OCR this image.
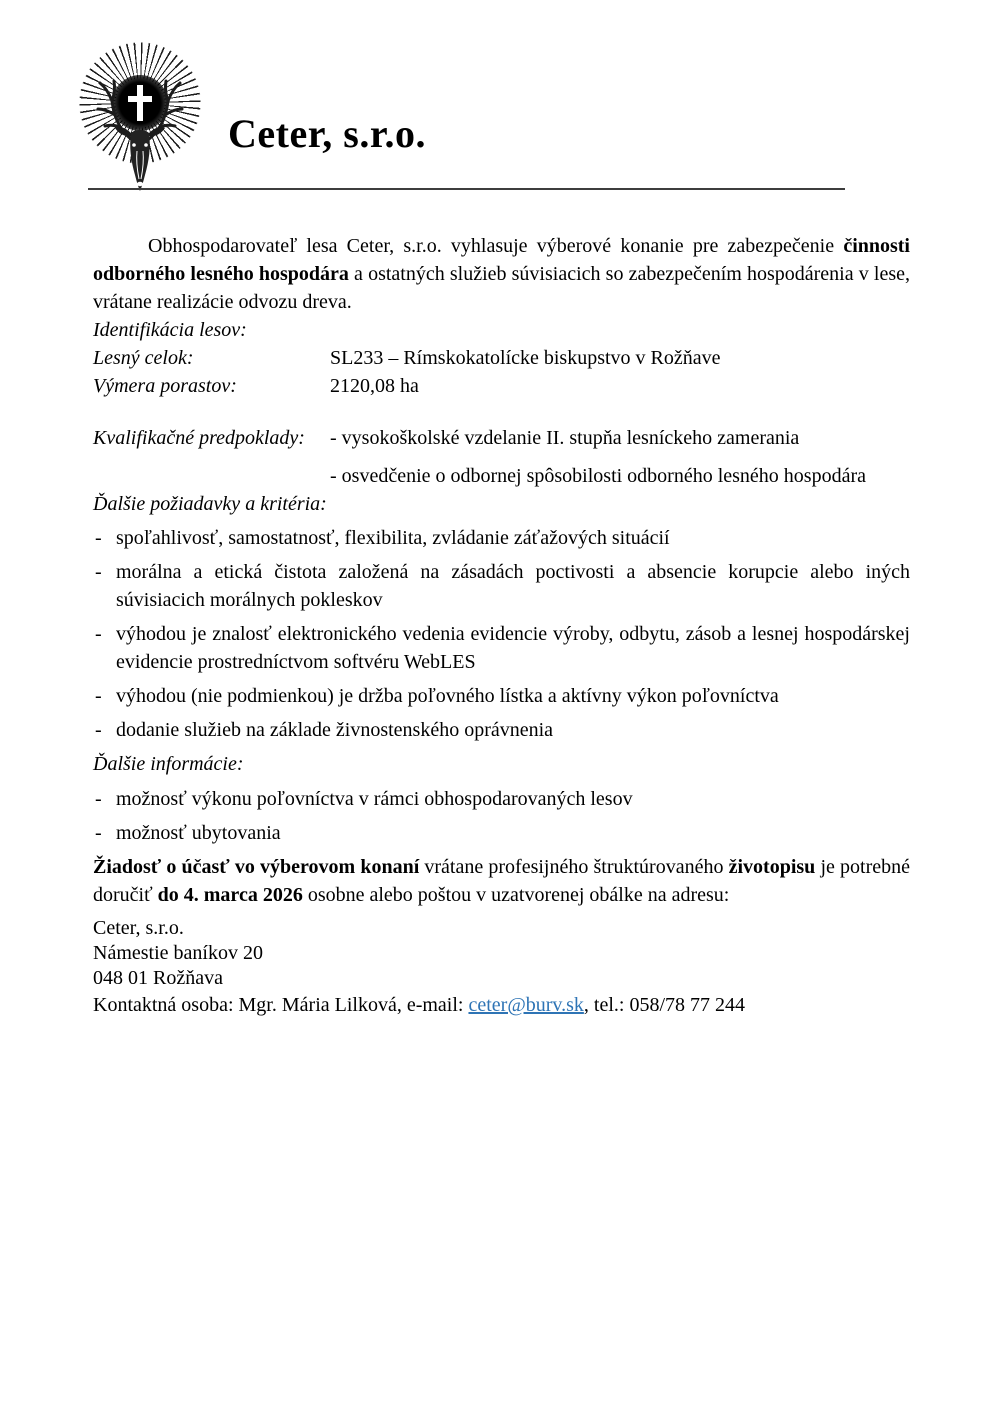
Ceter, s.r.o.

Obhospodarovateľ lesa Ceter, s.r.o. vyhlasuje výberové konanie pre zabezpečenie činnosti odborného lesného hospodára a ostatných služieb súvisiacich so zabezpečením hospodárenia v lese, vrátane realizácie odvozu dreva.

Identifikácia lesov:

Lesný celok:	SL233 – Rímskokatolícke biskupstvo v Rožňave
Výmera porastov:	2120,08 ha
Kvalifikačné predpoklady:	- vysokoškolské vzdelanie II. stupňa lesníckeho zamerania
- osvedčenie o odbornej spôsobilosti odborného lesného hospodára

Ďalšie požiadavky a kritéria:

- spoľahlivosť, samostatnosť, flexibilita, zvládanie záťažových situácií
- morálna a etická čistota založená na zásadách poctivosti a absencie korupcie alebo iných súvisiacich morálnych pokleskov
- výhodou je znalosť elektronického vedenia evidencie výroby, odbytu, zásob a lesnej hospodárskej evidencie prostredníctvom softvéru WebLES
- výhodou (nie podmienkou) je držba poľovného lístka a aktívny výkon poľovníctva
- dodanie služieb na základe živnostenského oprávnenia

Ďalšie informácie:

- možnosť výkonu poľovníctva v rámci obhospodarovaných lesov
- možnosť ubytovania

Žiadosť o účasť vo výberovom konaní vrátane profesijného štruktúrovaného životopisu je potrebné doručiť do 4. marca 2026 osobne alebo poštou v uzatvorenej obálke na adresu:

Ceter, s.r.o.
Námestie baníkov 20
048 01 Rožňava

Kontaktná osoba: Mgr. Mária Lilková, e-mail: ceter@burv.sk, tel.: 058/78 77 244
